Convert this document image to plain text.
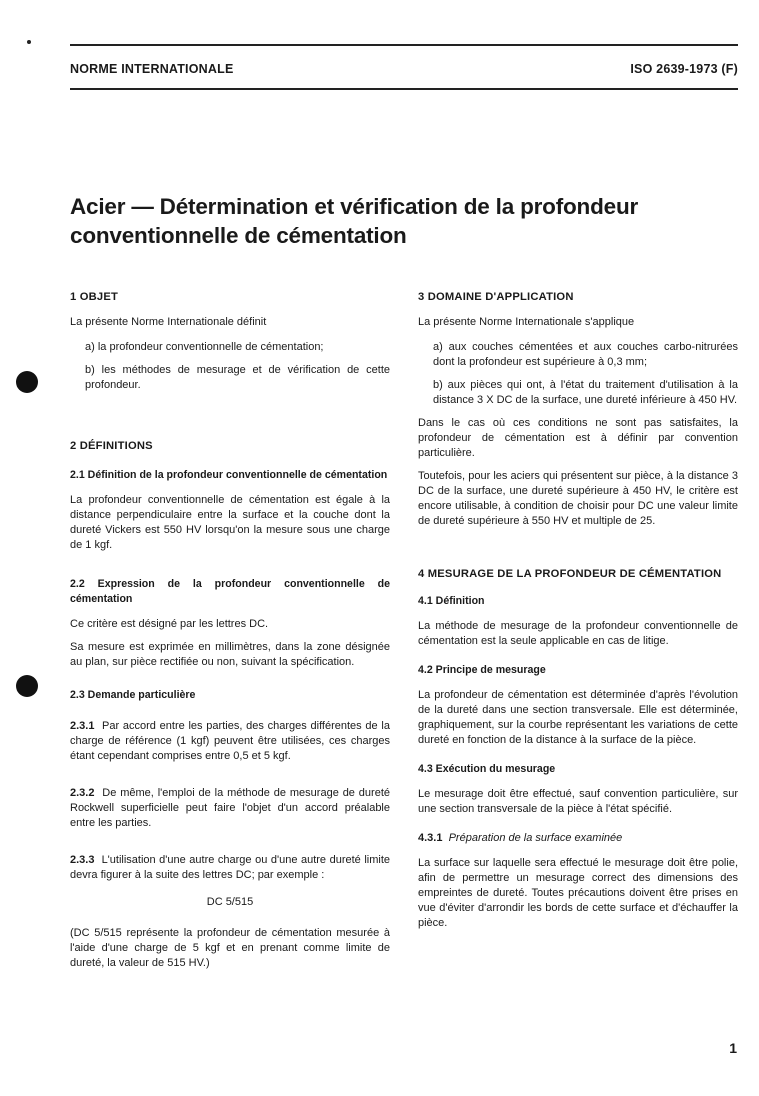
NORME INTERNATIONALE	ISO 2639-1973 (F)
Acier — Détermination et vérification de la profondeur
conventionnelle de cémentation

1 OBJET

La présente Norme Internationale définit

a) la profondeur conventionnelle de cémentation;

b) les méthodes de mesurage et de vérification de cette profondeur.

2 DÉFINITIONS

2.1 Définition de la profondeur conventionnelle de cémentation

La profondeur conventionnelle de cémentation est égale à la distance perpendiculaire entre la surface et la couche dont la dureté Vickers est 550 HV lorsqu'on la mesure sous une charge de 1 kgf.

2.2 Expression de la profondeur conventionnelle de cémentation

Ce critère est désigné par les lettres DC.

Sa mesure est exprimée en millimètres, dans la zone désignée au plan, sur pièce rectifiée ou non, suivant la spécification.

2.3 Demande particulière

2.3.1 Par accord entre les parties, des charges différentes de la charge de référence (1 kgf) peuvent être utilisées, ces charges étant cependant comprises entre 0,5 et 5 kgf.

2.3.2 De même, l'emploi de la méthode de mesurage de dureté Rockwell superficielle peut faire l'objet d'un accord préalable entre les parties.

2.3.3 L'utilisation d'une autre charge ou d'une autre dureté limite devra figurer à la suite des lettres DC; par exemple :

DC 5/515

(DC 5/515 représente la profondeur de cémentation mesurée à l'aide d'une charge de 5 kgf et en prenant comme limite de dureté, la valeur de 515 HV.)

3 DOMAINE D'APPLICATION

La présente Norme Internationale s'applique

a) aux couches cémentées et aux couches carbo-nitrurées dont la profondeur est supérieure à 0,3 mm;

b) aux pièces qui ont, à l'état du traitement d'utilisation à la distance 3 X DC de la surface, une dureté inférieure à 450 HV.

Dans le cas où ces conditions ne sont pas satisfaites, la profondeur de cémentation est à définir par convention particulière.

Toutefois, pour les aciers qui présentent sur pièce, à la distance 3 DC de la surface, une dureté supérieure à 450 HV, le critère est encore utilisable, à condition de choisir pour DC une valeur limite de dureté supérieure à 550 HV et multiple de 25.

4 MESURAGE DE LA PROFONDEUR DE CÉMENTATION

4.1 Définition

La méthode de mesurage de la profondeur conventionnelle de cémentation est la seule applicable en cas de litige.

4.2 Principe de mesurage

La profondeur de cémentation est déterminée d'après l'évolution de la dureté dans une section transversale. Elle est déterminée, graphiquement, sur la courbe représentant les variations de cette dureté en fonction de la distance à la surface de la pièce.

4.3 Exécution du mesurage

Le mesurage doit être effectué, sauf convention particulière, sur une section transversale de la pièce à l'état spécifié.

4.3.1 Préparation de la surface examinée

La surface sur laquelle sera effectué le mesurage doit être polie, afin de permettre un mesurage correct des dimensions des empreintes de dureté. Toutes précautions doivent être prises en vue d'éviter d'arrondir les bords de cette surface et d'échauffer la pièce.

1
